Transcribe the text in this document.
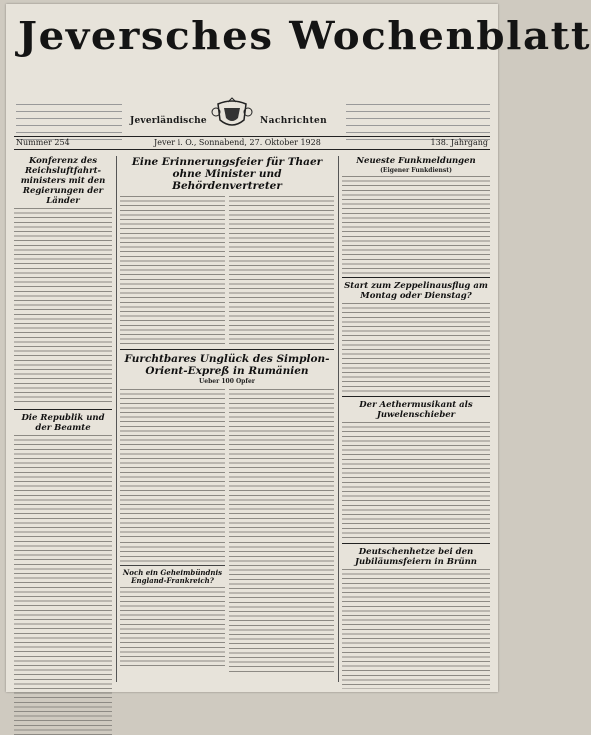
Jeversches Wochenblatt
Jeverländische	Nachrichten
Nummer 254	Jever i. O., Sonnabend, 27. Oktober 1928	138. Jahrgang
Konferenz des Reichsluftfahrt-ministers mit den Regierungen der Länder
Die Republik und der Beamte
Eine Erinnerungsfeier für Thaer ohne Minister und Behördenvertreter
Furchtbares Unglück des Simplon-Orient-Expreß in Rumänien
Ueber 100 Opfer
Noch ein Geheimbündnis England-Frankreich?
Neueste Funkmeldungen
(Eigener Funkdienst)
Start zum Zeppelinausflug am Montag oder Dienstag?
Der Aethermusikant als Juwelenschieber
Deutschenhetze bei den Jubiläumsfeiern in Brünn
